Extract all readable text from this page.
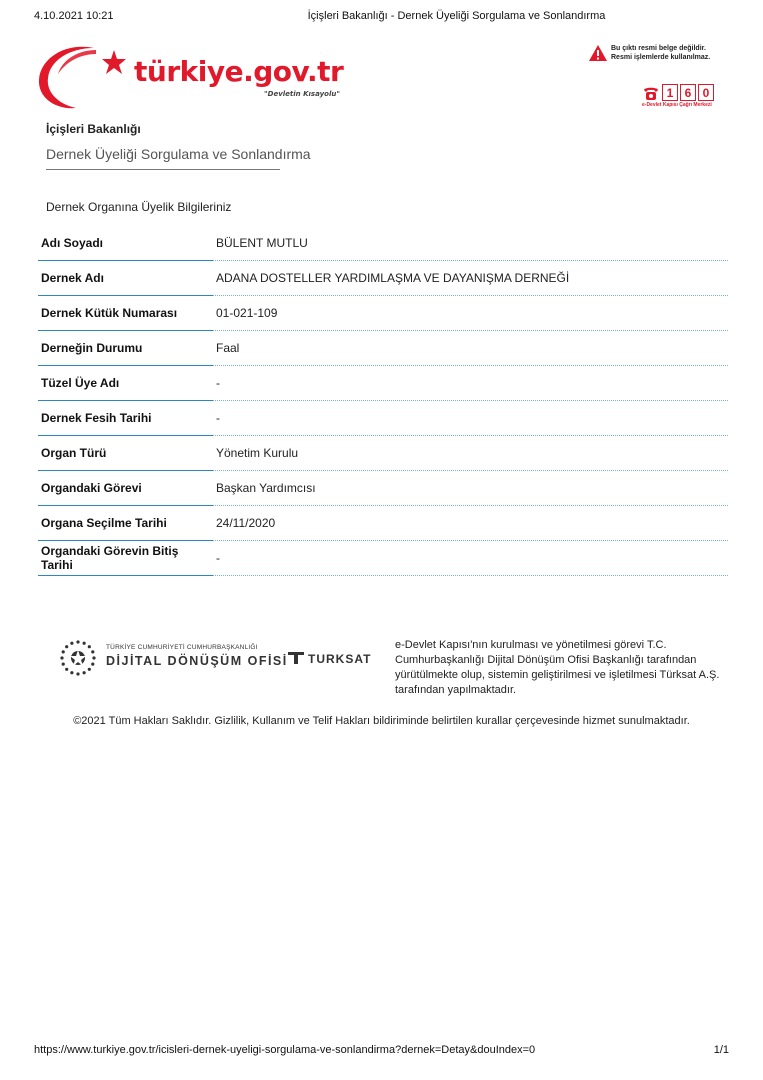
4.10.2021 10:21	İçişleri Bakanlığı - Dernek Üyeliği Sorgulama ve Sonlandırma
türkiye.gov.tr
"Devletin Kısayolu"
Bu çıktı resmi belge değildir.
Resmi işlemlerde kullanılmaz.
1 6 0
e-Devlet Kapısı Çağrı Merkezi
İçişleri Bakanlığı
Dernek Üyeliği Sorgulama ve Sonlandırma
Dernek Organına Üyelik Bilgileriniz
Adı Soyadı	BÜLENT MUTLU
Dernek Adı	ADANA DOSTELLER YARDIMLAŞMA VE DAYANIŞMA DERNEĞİ
Dernek Kütük Numarası	01-021-109
Derneğin Durumu	Faal
Tüzel Üye Adı	-
Dernek Fesih Tarihi	-
Organ Türü	Yönetim Kurulu
Organdaki Görevi	Başkan Yardımcısı
Organa Seçilme Tarihi	24/11/2020
Organdaki Görevin Bitiş Tarihi	-
TÜRKİYE CUMHURİYETİ CUMHURBAŞKANLIĞI
DİJİTAL DÖNÜŞÜM OFİSİ TURKSAT
e-Devlet Kapısı'nın kurulması ve yönetilmesi görevi T.C. Cumhurbaşkanlığı Dijital Dönüşüm Ofisi Başkanlığı tarafından yürütülmekte olup, sistemin geliştirilmesi ve işletilmesi Türksat A.Ş. tarafından yapılmaktadır.
©2021 Tüm Hakları Saklıdır. Gizlilik, Kullanım ve Telif Hakları bildiriminde belirtilen kurallar çerçevesinde hizmet sunulmaktadır.
https://www.turkiye.gov.tr/icisleri-dernek-uyeligi-sorgulama-ve-sonlandirma?dernek=Detay&douIndex=0	1/1
